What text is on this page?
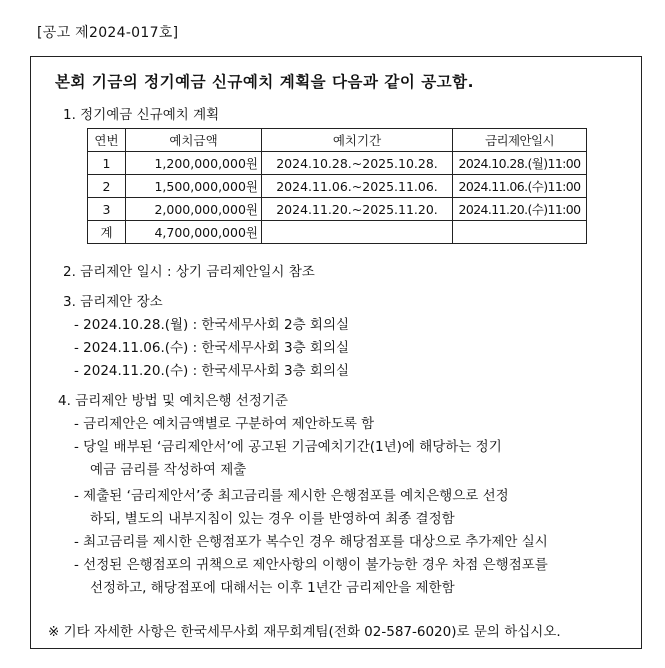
[공고 제2024-017호]
본회 기금의 정기예금 신규예치 계획을 다음과 같이 공고함.
1. 정기예금 신규예치 계획
연번	예치금액	예치기간	금리제안일시
1	1,200,000,000원	2024.10.28.~2025.10.28.	2024.10.28.(월)11:00
2	1,500,000,000원	2024.11.06.~2025.11.06.	2024.11.06.(수)11:00
3	2,000,000,000원	2024.11.20.~2025.11.20.	2024.11.20.(수)11:00
계	4,700,000,000원		
2. 금리제안 일시 : 상기 금리제안일시 참조
3. 금리제안 장소
- 2024.10.28.(월) : 한국세무사회 2층 회의실
- 2024.11.06.(수) : 한국세무사회 3층 회의실
- 2024.11.20.(수) : 한국세무사회 3층 회의실
4. 금리제안 방법 및 예치은행 선정기준
- 금리제안은 예치금액별로 구분하여 제안하도록 함
- 당일 배부된 ‘금리제안서’에 공고된 기금예치기간(1년)에 해당하는 정기
예금 금리를 작성하여 제출
- 제출된 ‘금리제안서’중 최고금리를 제시한 은행점포를 예치은행으로 선정
하되, 별도의 내부지침이 있는 경우 이를 반영하여 최종 결정함
- 최고금리를 제시한 은행점포가 복수인 경우 해당점포를 대상으로 추가제안 실시
- 선정된 은행점포의 귀책으로 제안사항의 이행이 불가능한 경우 차점 은행점포를
선정하고, 해당점포에 대해서는 이후 1년간 금리제안을 제한함
※ 기타 자세한 사항은 한국세무사회 재무회계팀(전화 02-587-6020)로 문의 하십시오.
